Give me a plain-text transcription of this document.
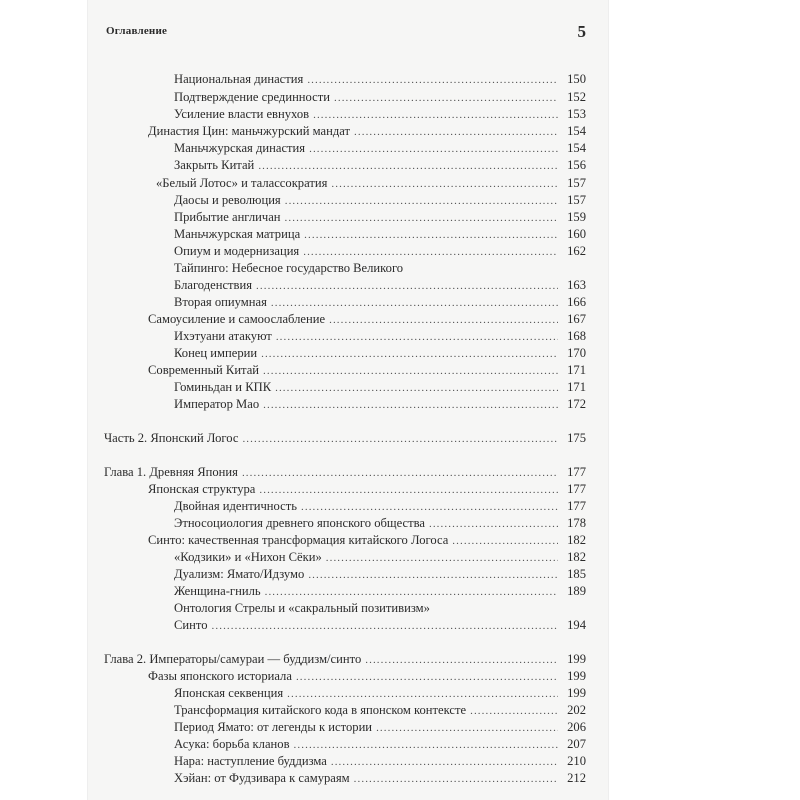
Оглавление	5
Национальная династия .....	150
Подтверждение срединности .....	152
Усиление власти евнухов .....	153
Династия Цин: маньчжурский мандат .....	154
Маньчжурская династия .....	154
Закрыть Китай .....	156
«Белый Лотос» и талассократия .....	157
Даосы и революция .....	157
Прибытие англичан .....	159
Маньчжурская матрица .....	160
Опиум и модернизация .....	162
Тайпинго: Небесное государство Великого
Благоденствия .....	163
Вторая опиумная .....	166
Самоусиление и самоослабление .....	167
Ихэтуани атакуют .....	168
Конец империи .....	170
Современный Китай .....	171
Гоминьдан и КПК .....	171
Император Мао .....	172
Часть 2. Японский Логос .....	175
Глава 1. Древняя Япония .....	177
Японская структура .....	177
Двойная идентичность .....	177
Этносоциология древнего японского общества .....	178
Синто: качественная трансформация китайского Логоса .....	182
«Кодзики» и «Нихон Сёки» .....	182
Дуализм: Ямато/Идзумо .....	185
Женщина-гниль .....	189
Онтология Стрелы и «сакральный позитивизм»
Синто .....	194
Глава 2. Императоры/самураи — буддизм/синто .....	199
Фазы японского историала .....	199
Японская секвенция .....	199
Трансформация китайского кода в японском контексте .....	202
Период Ямато: от легенды к истории .....	206
Асука: борьба кланов .....	207
Нара: наступление буддизма .....	210
Хэйан: от Фудзивара к самураям .....	212
